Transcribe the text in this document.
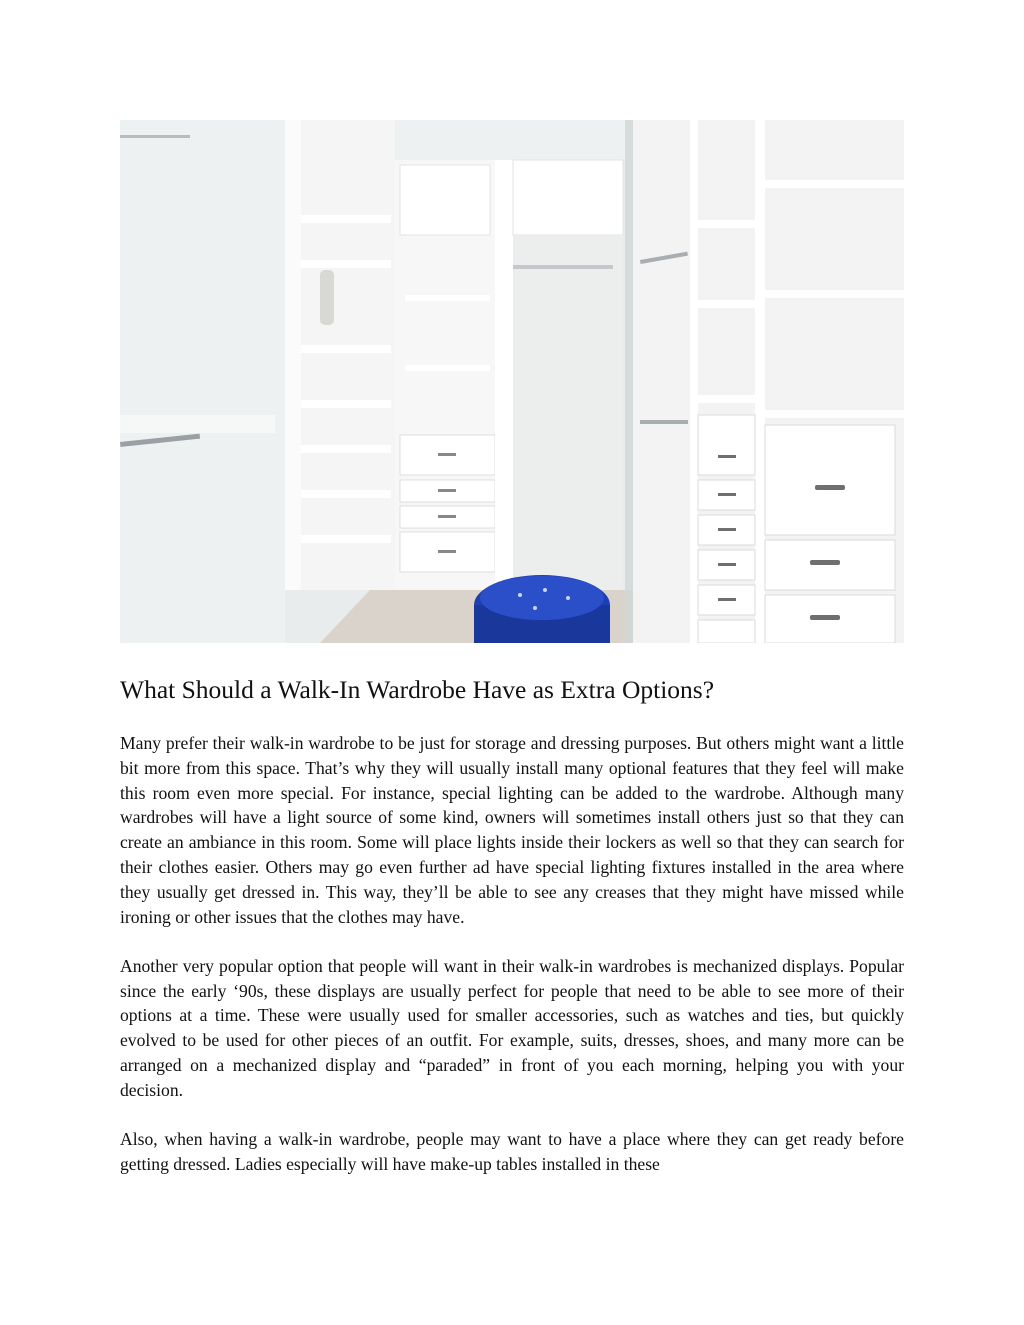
What Should a Walk-In Wardrobe Have as Extra Options?

Many prefer their walk-in wardrobe to be just for storage and dressing purposes. But others might want a little bit more from this space. That’s why they will usually install many optional features that they feel will make this room even more special. For instance, special lighting can be added to the wardrobe. Although many wardrobes will have a light source of some kind, owners will sometimes install others just so that they can create an ambiance in this room. Some will place lights inside their lockers as well so that they can search for their clothes easier. Others may go even further ad have special lighting fixtures installed in the area where they usually get dressed in. This way, they’ll be able to see any creases that they might have missed while ironing or other issues that the clothes may have.

Another very popular option that people will want in their walk-in wardrobes is mechanized displays. Popular since the early ‘90s, these displays are usually perfect for people that need to be able to see more of their options at a time. These were usually used for smaller accessories, such as watches and ties, but quickly evolved to be used for other pieces of an outfit. For example, suits, dresses, shoes, and many more can be arranged on a mechanized display and “paraded” in front of you each morning, helping you with your decision.

Also, when having a walk-in wardrobe, people may want to have a place where they can get ready before getting dressed. Ladies especially will have make-up tables installed in these
